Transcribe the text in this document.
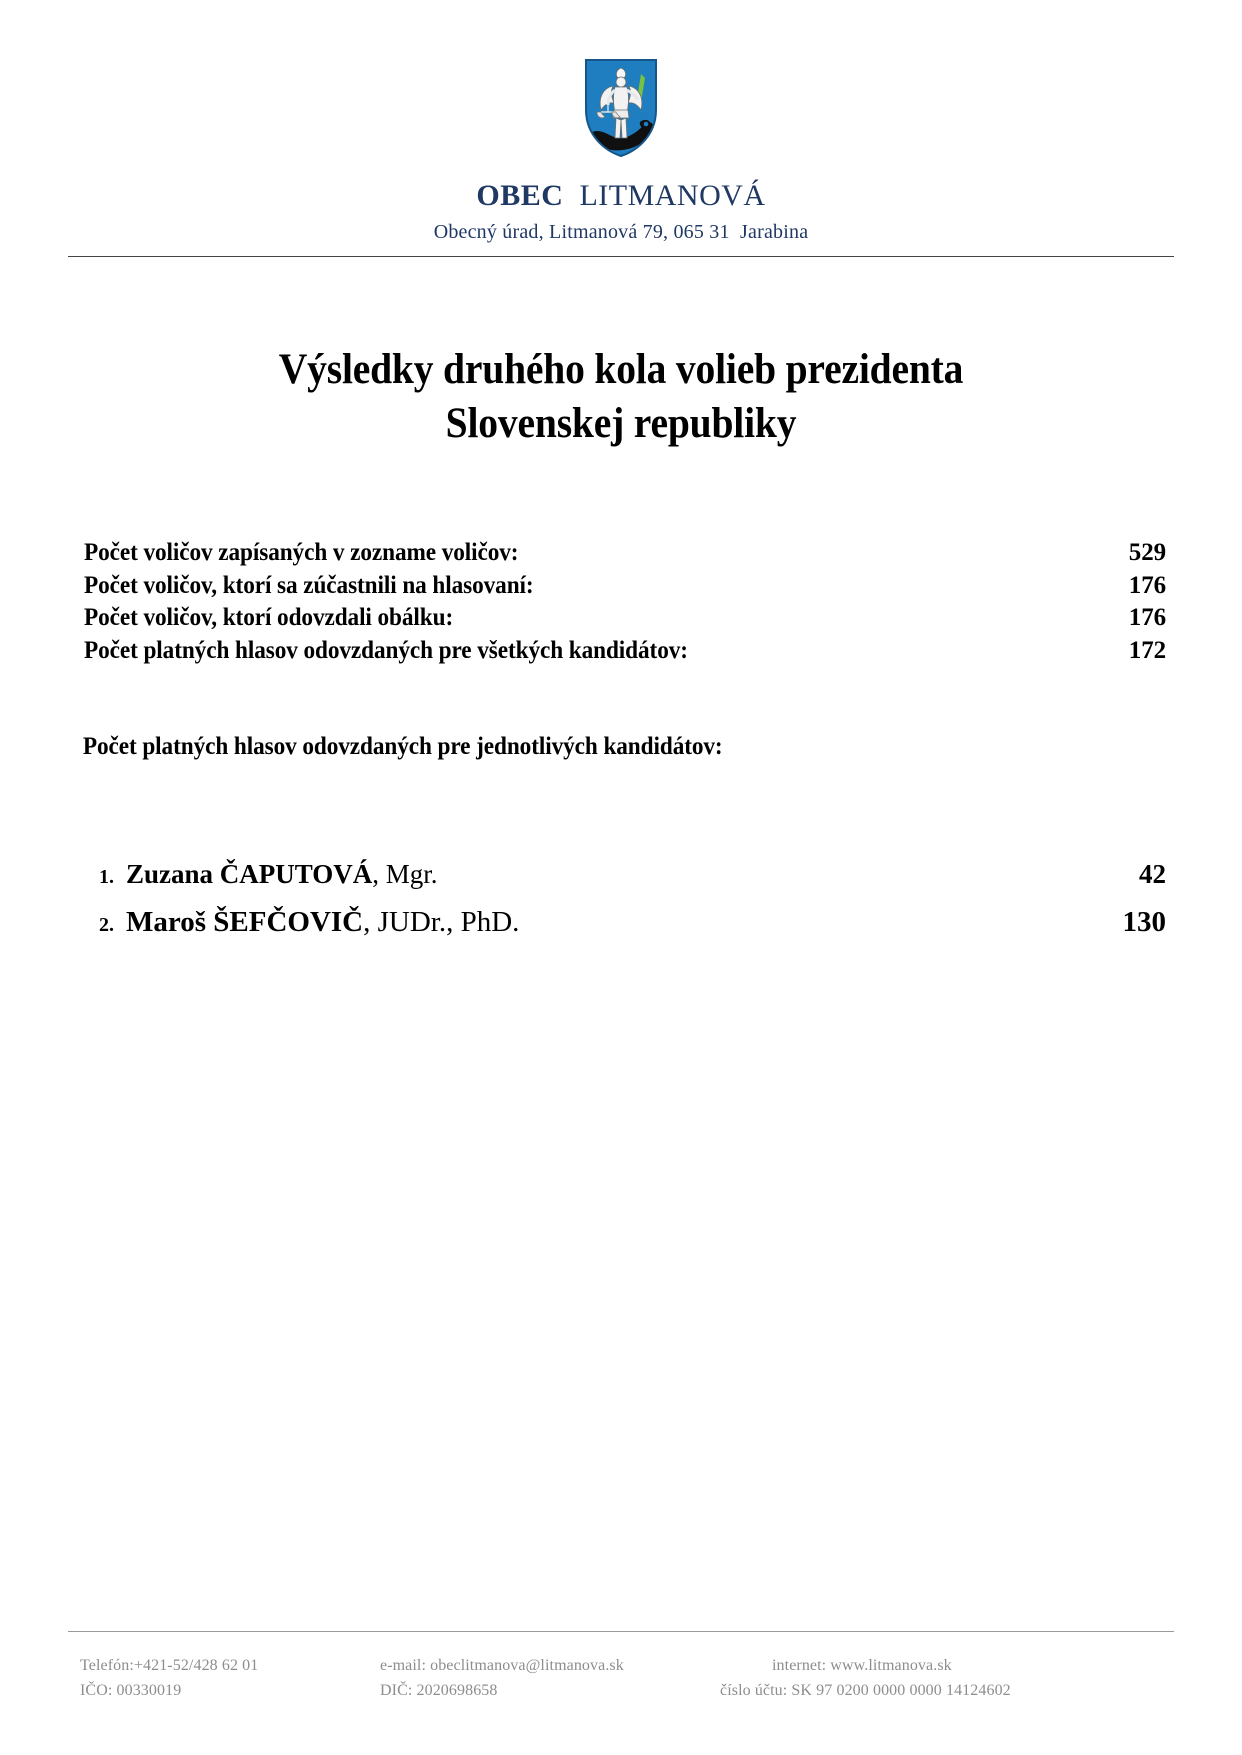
OBEC LITMANOVÁ
Obecný úrad, Litmanová 79, 065 31  Jarabina
Výsledky druhého kola volieb prezidenta
Slovenskej republiky
Počet voličov zapísaných v zozname voličov:	529
Počet voličov, ktorí sa zúčastnili na hlasovaní:	176
Počet voličov, ktorí odovzdali obálku:	176
Počet platných hlasov odovzdaných pre všetkých kandidátov:	172
Počet platných hlasov odovzdaných pre jednotlivých kandidátov:
1. Zuzana ČAPUTOVÁ, Mgr.	42
2. Maroš ŠEFČOVIČ, JUDr., PhD.	130
Telefón:+421-52/428 62 01	e-mail: obeclitmanova@litmanova.sk	internet: www.litmanova.sk
IČO: 00330019	DIČ: 2020698658	číslo účtu: SK 97 0200 0000 0000 14124602
